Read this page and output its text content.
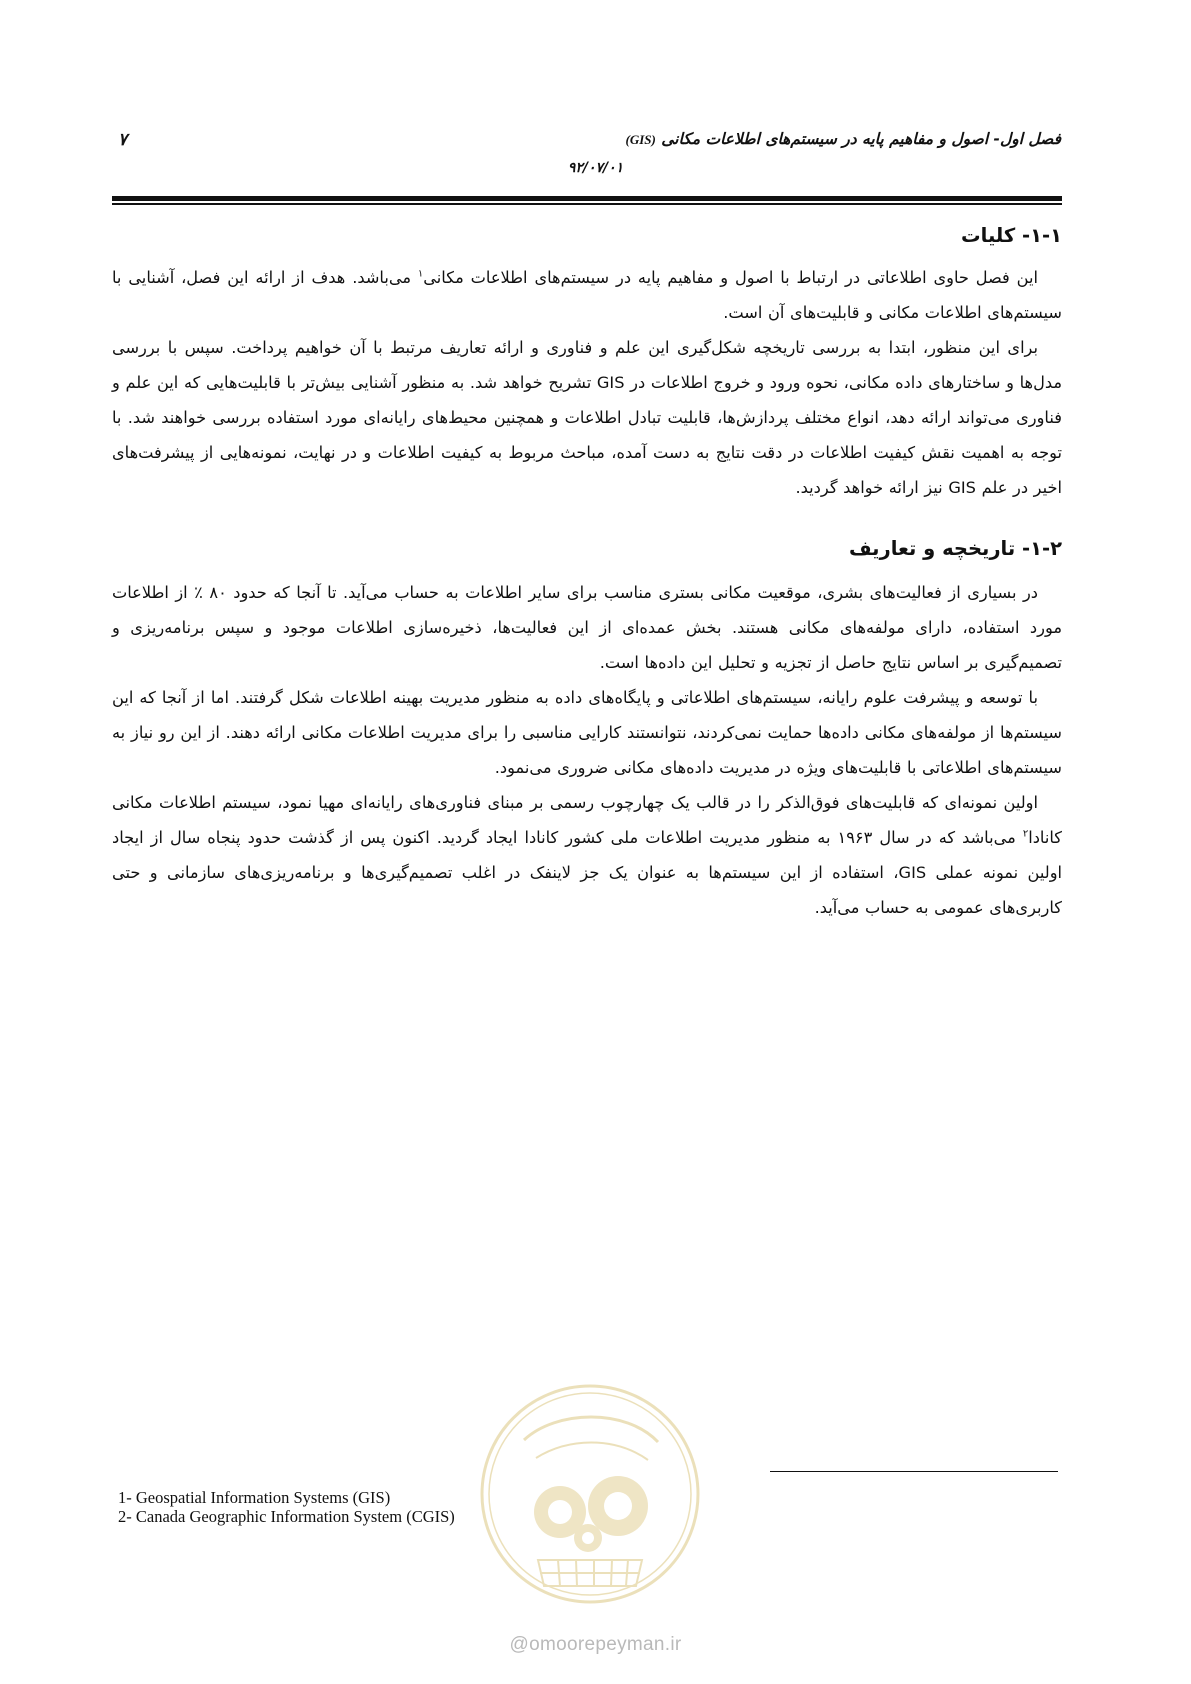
۷	فصل اول- اصول و مفاهیم پایه در سیستم‌های اطلاعات مکانی (GIS)
۹۲/۰۷/۰۱
۱-۱- کلیات

این فصل حاوی اطلاعاتی در ارتباط با اصول و مفاهیم پایه در سیستم‌های اطلاعات مکانی$^۱$ می‌باشد. هدف از ارائه این فصل، آشنایی با سیستم‌های اطلاعات مکانی و قابلیت‌های آن است.

برای این منظور، ابتدا به بررسی تاریخچه شکل‌گیری این علم و فناوری و ارائه تعاریف مرتبط با آن خواهیم پرداخت. سپس با بررسی مدل‌ها و ساختارهای داده مکانی، نحوه ورود و خروج اطلاعات در GIS تشریح خواهد شد. به منظور آشنایی بیش‌تر با قابلیت‌هایی که این علم و فناوری می‌تواند ارائه دهد، انواع مختلف پردازش‌ها، قابلیت تبادل اطلاعات و همچنین محیط‌های رایانه‌ای مورد استفاده بررسی خواهند شد. با توجه به اهمیت نقش کیفیت اطلاعات در دقت نتایج به دست آمده، مباحث مربوط به کیفیت اطلاعات و در نهایت، نمونه‌هایی از پیشرفت‌های اخیر در علم GIS نیز ارائه خواهد گردید.

۱-۲- تاریخچه و تعاریف

در بسیاری از فعالیت‌های بشری، موقعیت مکانی بستری مناسب برای سایر اطلاعات به حساب می‌آید. تا آنجا که حدود ۸۰ ٪ از اطلاعات مورد استفاده، دارای مولفه‌های مکانی هستند. بخش عمده‌ای از این فعالیت‌ها، ذخیره‌سازی اطلاعات موجود و سپس برنامه‌ریزی و تصمیم‌گیری بر اساس نتایج حاصل از تجزیه و تحلیل این داده‌ها است.

با توسعه و پیشرفت علوم رایانه، سیستم‌های اطلاعاتی و پایگاه‌های داده به منظور مدیریت بهینه اطلاعات شکل گرفتند. اما از آنجا که این سیستم‌ها از مولفه‌های مکانی داده‌ها حمایت نمی‌کردند، نتوانستند کارایی مناسبی را برای مدیریت اطلاعات مکانی ارائه دهند. از این رو نیاز به سیستم‌های اطلاعاتی با قابلیت‌های ویژه در مدیریت داده‌های مکانی ضروری می‌نمود.

اولین نمونه‌ای که قابلیت‌های فوق‌الذکر را در قالب یک چهارچوب رسمی بر مبنای فناوری‌های رایانه‌ای مهیا نمود، سیستم اطلاعات مکانی کانادا$^۲$ می‌باشد که در سال ۱۹۶۳ به منظور مدیریت اطلاعات ملی کشور کانادا ایجاد گردید. اکنون پس از گذشت حدود پنجاه سال از ایجاد اولین نمونه عملی GIS، استفاده از این سیستم‌ها به عنوان یک جز لاینفک در اغلب تصمیم‌گیری‌ها و برنامه‌ریزی‌های سازمانی و حتی کاربری‌های عمومی به حساب می‌آید.

1- Geospatial Information Systems (GIS)
2- Canada Geographic Information System (CGIS)
@omoorepeyman.ir
